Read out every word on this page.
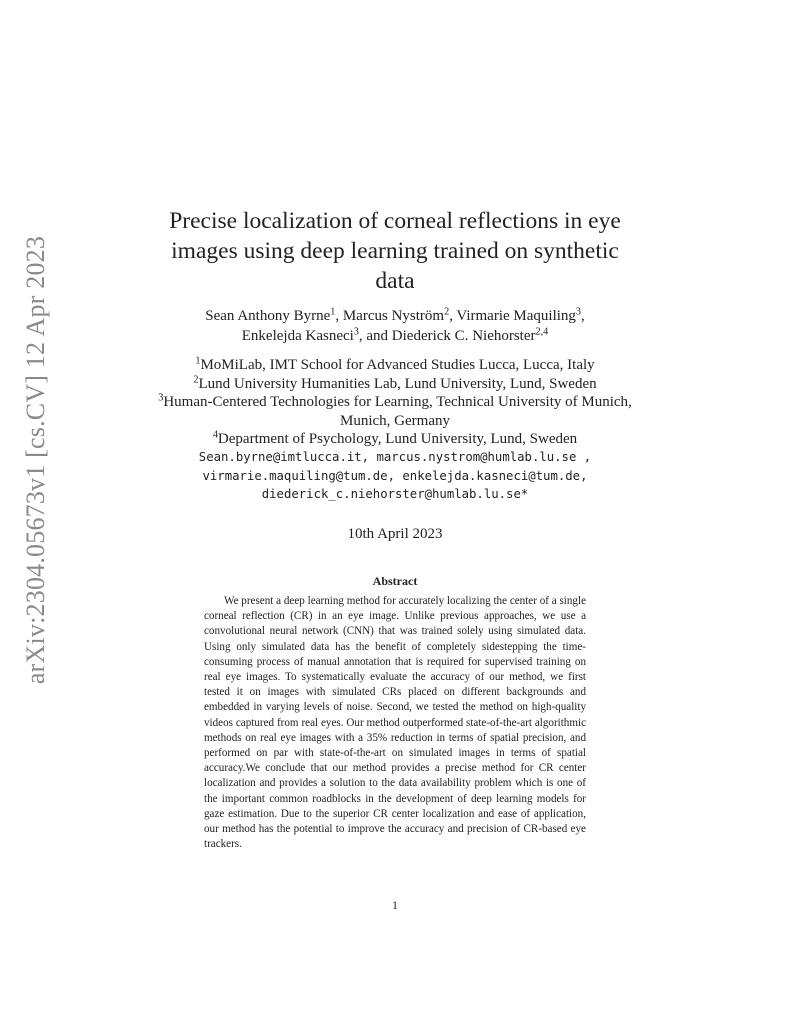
arXiv:2304.05673v1 [cs.CV] 12 Apr 2023
Precise localization of corneal reflections in eye images using deep learning trained on synthetic data
Sean Anthony Byrne$^1$, Marcus Nyström$^2$, Virmarie Maquiling$^3$,
Enkelejda Kasneci$^3$, and Diederick C. Niehorster$^{2,4}$
$^1$MoMiLab, IMT School for Advanced Studies Lucca, Lucca, Italy
$^2$Lund University Humanities Lab, Lund University, Lund, Sweden
$^3$Human-Centered Technologies for Learning, Technical University of Munich, Munich, Germany
$^4$Department of Psychology, Lund University, Lund, Sweden
Sean.byrne@imtlucca.it, marcus.nystrom@humlab.lu.se ,
virmarie.maquiling@tum.de, enkelejda.kasneci@tum.de,
diederick_c.niehorster@humlab.lu.se*
10th April 2023
Abstract

We present a deep learning method for accurately localizing the center of a single corneal reflection (CR) in an eye image. Unlike previous approaches, we use a convolutional neural network (CNN) that was trained solely using simulated data. Using only simulated data has the benefit of completely sidestepping the time-consuming process of manual annotation that is required for supervised training on real eye images. To systematically evaluate the accuracy of our method, we first tested it on images with simulated CRs placed on different backgrounds and embedded in varying levels of noise. Second, we tested the method on high-quality videos captured from real eyes. Our method outperformed state-of-the-art algorithmic methods on real eye images with a 35% reduction in terms of spatial precision, and performed on par with state-of-the-art on simulated images in terms of spatial accuracy.We conclude that our method provides a precise method for CR center localization and provides a solution to the data availability problem which is one of the important common roadblocks in the development of deep learning models for gaze estimation. Due to the superior CR center localization and ease of application, our method has the potential to improve the accuracy and precision of CR-based eye trackers.

1
